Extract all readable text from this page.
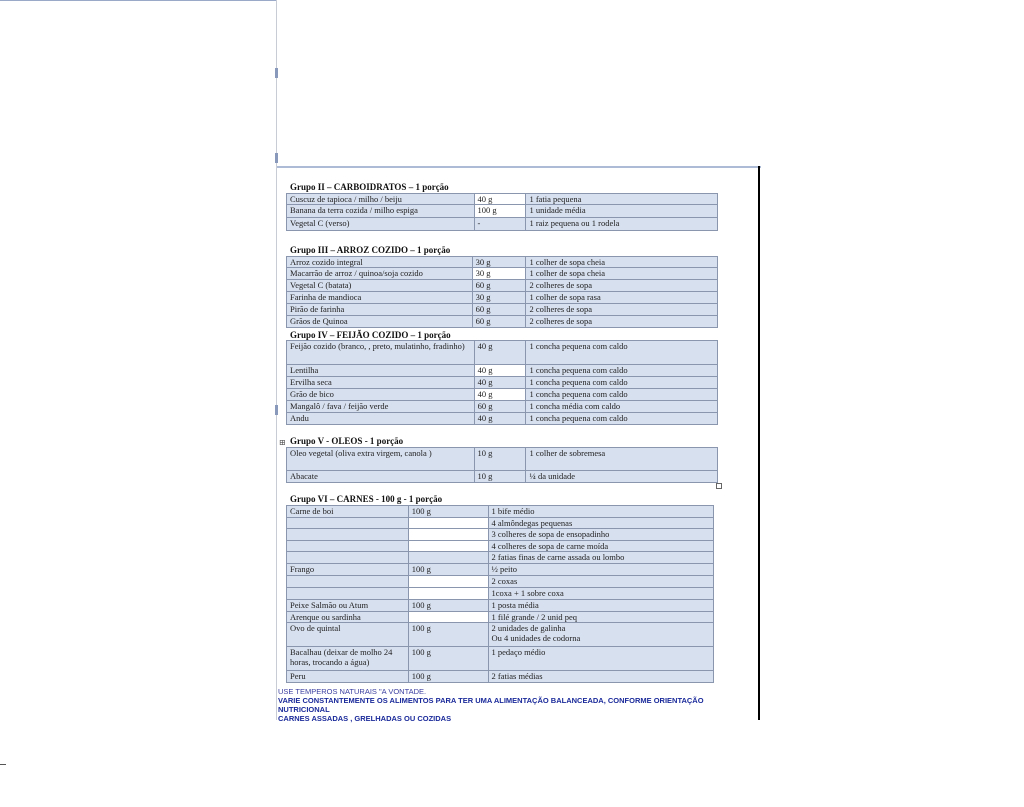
Grupo II – CARBOIDRATOS – 1 porção
Cuscuz de tapioca / milho / beiju	40 g	1 fatia pequena
Banana da terra cozida / milho espiga	100 g	1 unidade média
Vegetal C (verso)	-	1 raiz pequena ou 1 rodela
Grupo III – ARROZ COZIDO – 1 porção
Arroz cozido integral	30 g	1 colher de sopa cheia
Macarrão de arroz / quinoa/soja cozido	30 g	1 colher de sopa cheia
Vegetal C (batata)	60 g	2 colheres de sopa
Farinha de mandioca	30 g	1 colher de sopa rasa
Pirão de farinha	60 g	2 colheres de sopa
Grãos de Quinoa	60 g	2 colheres de sopa
Grupo IV – FEIJÃO COZIDO – 1 porção
Feijão cozido (branco, , preto, mulatinho, fradinho)	40 g	1 concha pequena com caldo
Lentilha	40 g	1 concha pequena com caldo
Ervilha seca	40 g	1 concha pequena com caldo
Grão de bico	40 g	1 concha pequena com caldo
Mangalô / fava / feijão verde	60 g	1 concha média com caldo
Andu	40 g	1 concha pequena com caldo
⊞ Grupo V - OLEOS - 1 porção
Oleo vegetal (oliva extra virgem, canola )	10 g	1 colher de sobremesa
Abacate	10 g	¼ da unidade
Grupo VI – CARNES - 100 g - 1 porção
Carne de boi	100 g	1 bife médio
		4 almôndegas pequenas
		3 colheres de sopa de ensopadinho
		4 colheres de sopa de carne moída
		2 fatias finas de carne assada ou lombo
Frango	100 g	½ peito
		2 coxas
		1coxa + 1 sobre coxa
Peixe Salmão ou Atum	100 g	1 posta média
Arenque ou sardinha		1 filé grande / 2 unid peq
Ovo de quintal	100 g	2 unidades de galinha
Ou 4 unidades de codorna
Bacalhau (deixar de molho 24 horas, trocando a água)	100 g	1 pedaço médio
Peru	100 g	2 fatias médias
USE TEMPEROS NATURAIS "A VONTADE.
VARIE CONSTANTEMENTE OS ALIMENTOS PARA TER UMA ALIMENTAÇÃO BALANCEADA, CONFORME ORIENTAÇÃO NUTRICIONAL
CARNES ASSADAS , GRELHADAS OU COZIDAS
